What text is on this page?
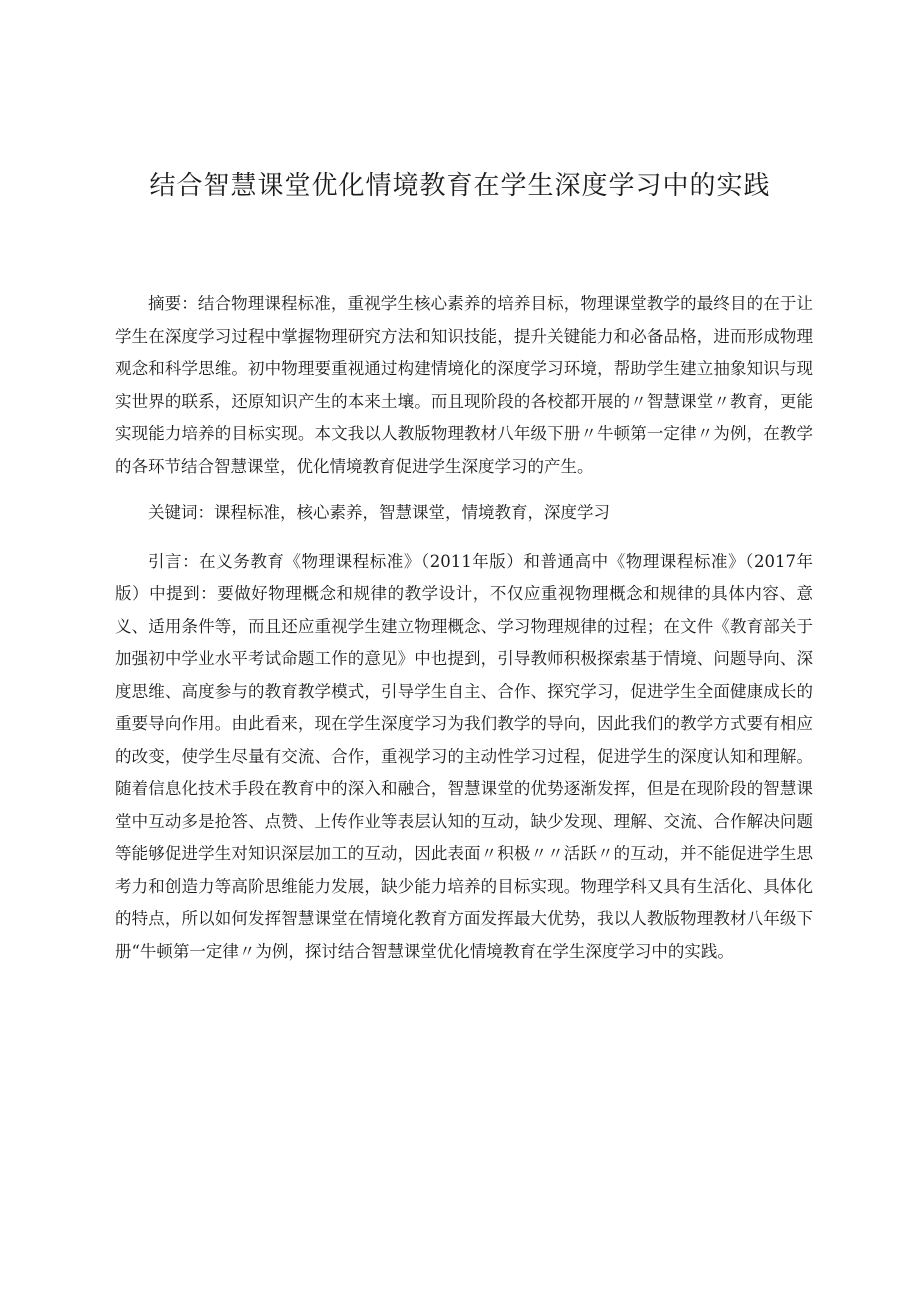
结合智慧课堂优化情境教育在学生深度学习中的实践

摘要：结合物理课程标准，重视学生核心素养的培养目标，物理课堂教学的最终目的在于让学生在深度学习过程中掌握物理研究方法和知识技能，提升关键能力和必备品格，进而形成物理观念和科学思维。初中物理要重视通过构建情境化的深度学习环境，帮助学生建立抽象知识与现实世界的联系，还原知识产生的本来土壤。而且现阶段的各校都开展的〃智慧课堂〃教育，更能实现能力培养的目标实现。本文我以人教版物理教材八年级下册〃牛顿第一定律〃为例，在教学的各环节结合智慧课堂，优化情境教育促进学生深度学习的产生。

关键词：课程标准，核心素养，智慧课堂，情境教育，深度学习

引言：在义务教育《物理课程标准》（2011年版）和普通高中《物理课程标准》（2017年版）中提到：要做好物理概念和规律的教学设计，不仅应重视物理概念和规律的具体内容、意义、适用条件等，而且还应重视学生建立物理概念、学习物理规律的过程；在文件《教育部关于加强初中学业水平考试命题工作的意见》中也提到，引导教师积极探索基于情境、问题导向、深度思维、高度参与的教育教学模式，引导学生自主、合作、探究学习，促进学生全面健康成长的重要导向作用。由此看来，现在学生深度学习为我们教学的导向，因此我们的教学方式要有相应的改变，使学生尽量有交流、合作，重视学习的主动性学习过程，促进学生的深度认知和理解。随着信息化技术手段在教育中的深入和融合，智慧课堂的优势逐渐发挥，但是在现阶段的智慧课堂中互动多是抢答、点赞、上传作业等表层认知的互动，缺少发现、理解、交流、合作解决问题等能够促进学生对知识深层加工的互动，因此表面〃积极〃〃活跃〃的互动，并不能促进学生思考力和创造力等高阶思维能力发展，缺少能力培养的目标实现。物理学科又具有生活化、具体化的特点，所以如何发挥智慧课堂在情境化教育方面发挥最大优势，我以人教版物理教材八年级下册“牛顿第一定律〃为例，探讨结合智慧课堂优化情境教育在学生深度学习中的实践。
